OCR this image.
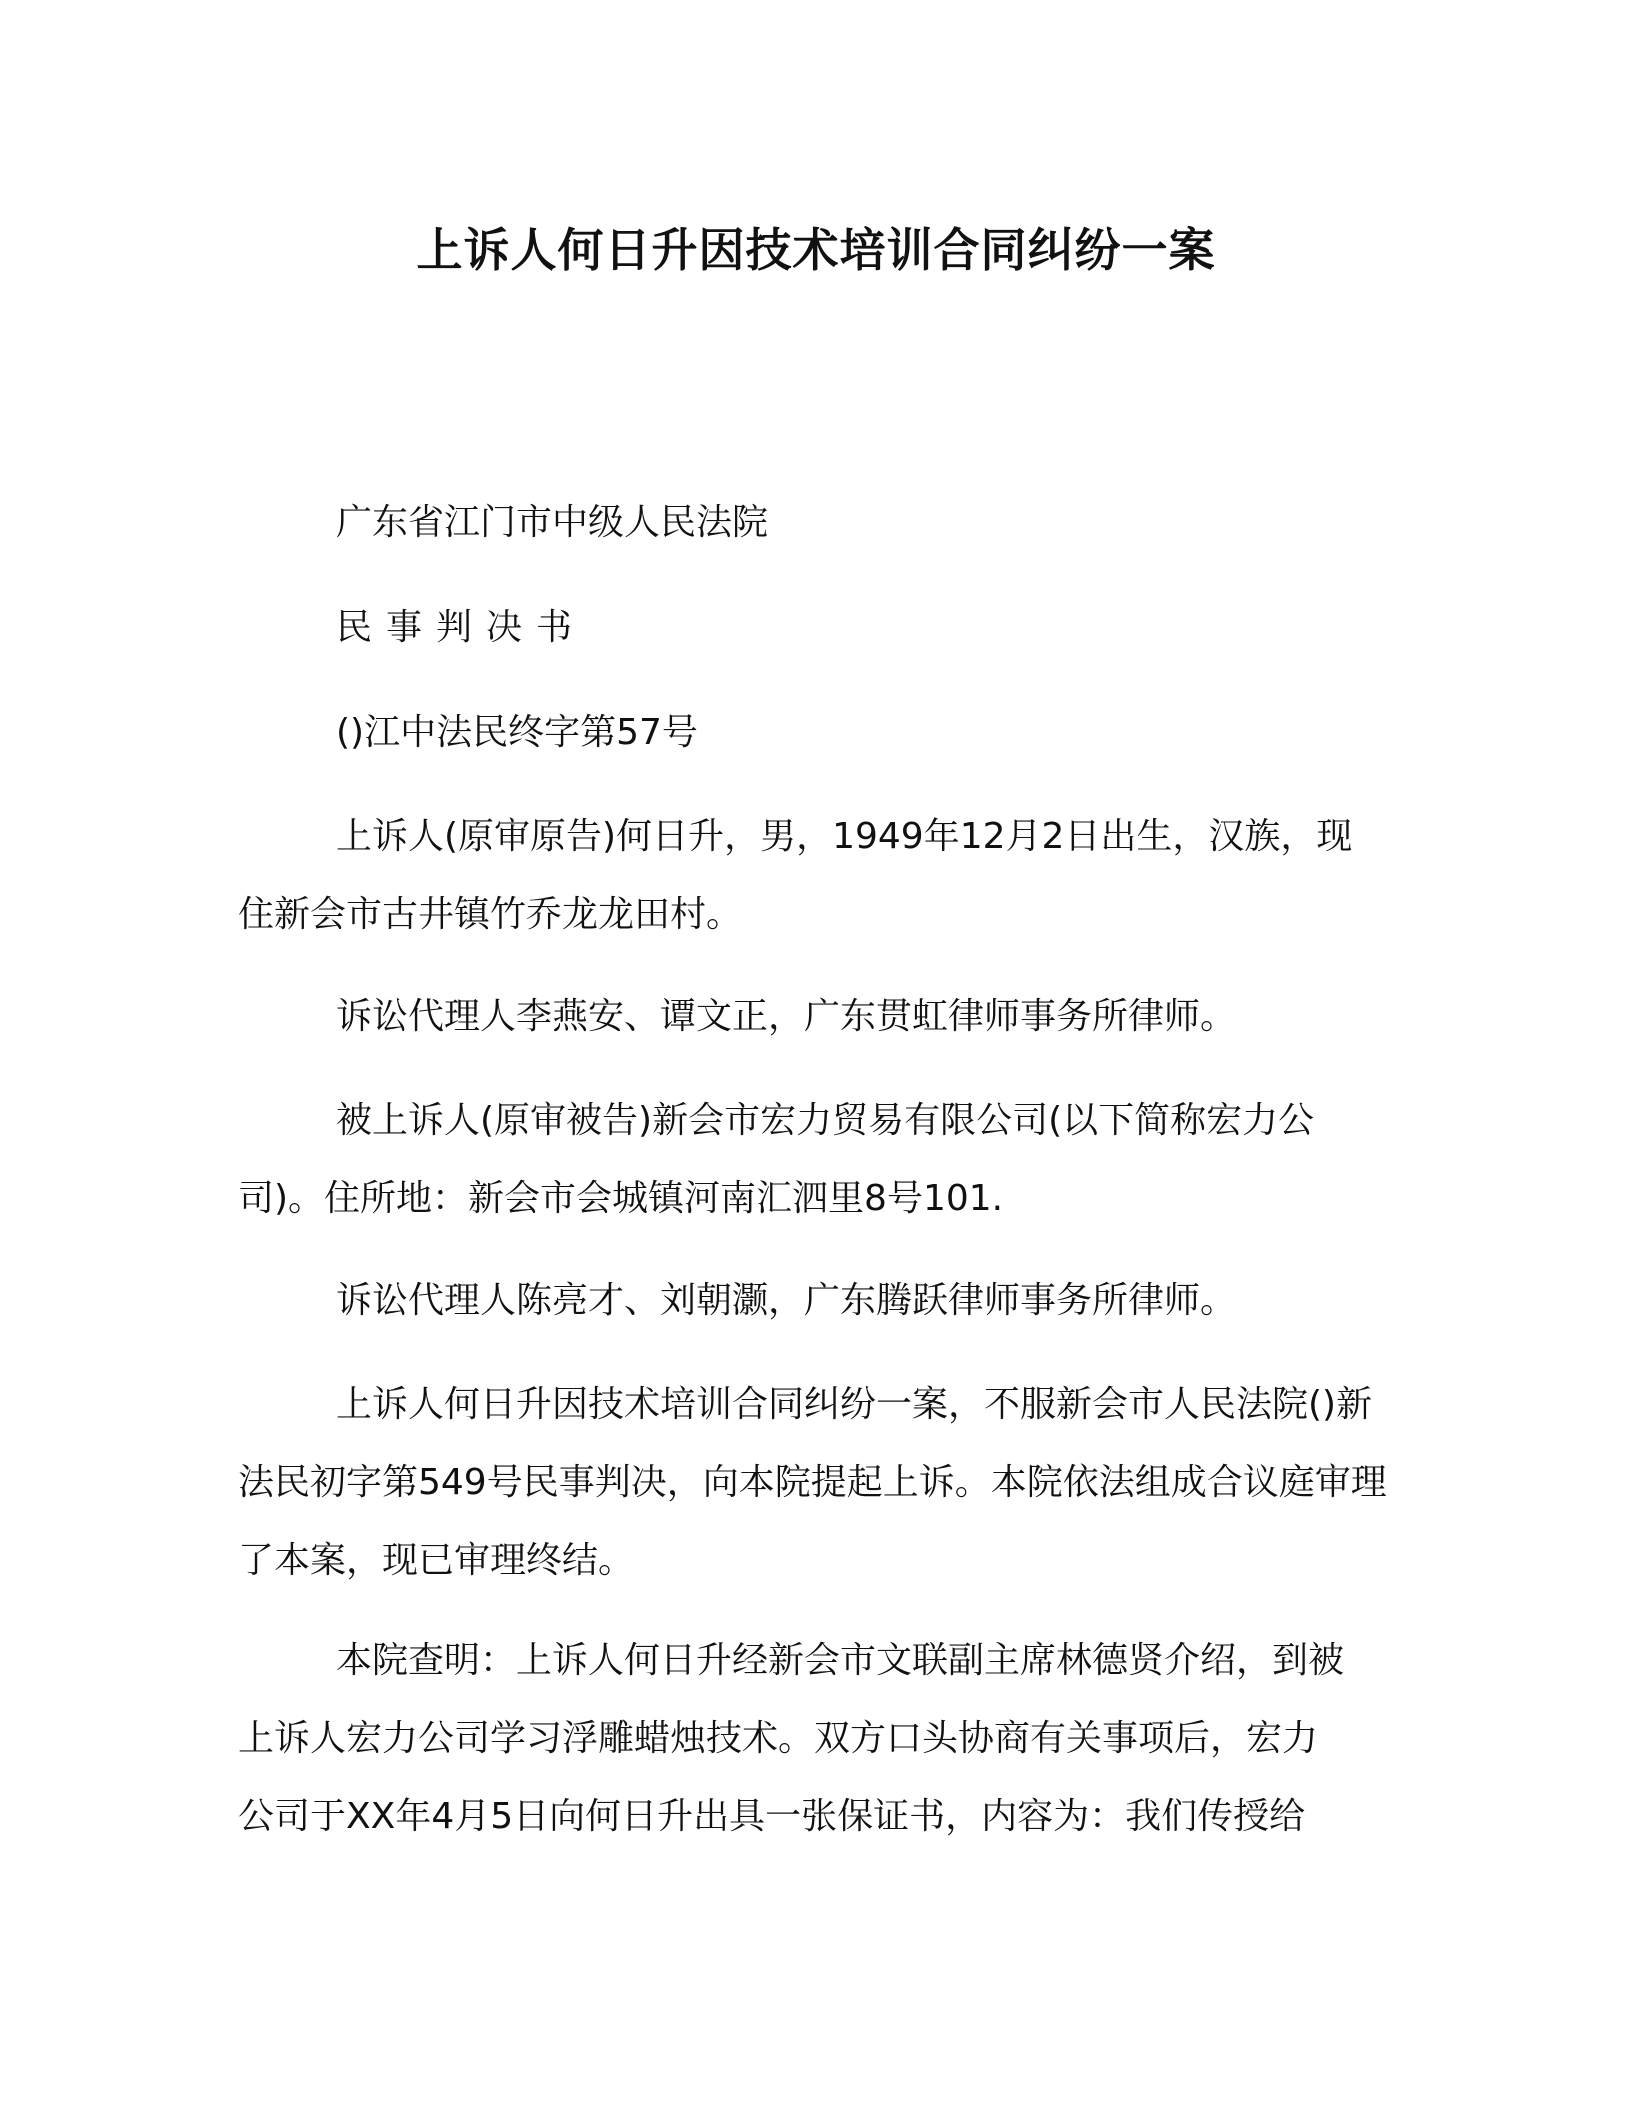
上诉人何日升因技术培训合同纠纷一案
广东省江门市中级人民法院
民事判决书
()江中法民终字第57号
上诉人(原审原告)何日升，男，1949年12月2日出生，汉族，现住新会市古井镇竹乔龙龙田村。
诉讼代理人李燕安、谭文正，广东贯虹律师事务所律师。
被上诉人(原审被告)新会市宏力贸易有限公司(以下简称宏力公司)。住所地：新会市会城镇河南汇泗里8号101.
诉讼代理人陈亮才、刘朝灏，广东腾跃律师事务所律师。
上诉人何日升因技术培训合同纠纷一案，不服新会市人民法院()新法民初字第549号民事判决，向本院提起上诉。本院依法组成合议庭审理了本案，现已审理终结。
本院查明：上诉人何日升经新会市文联副主席林德贤介绍，到被
上诉人宏力公司学习浮雕蜡烛技术。双方口头协商有关事项后，宏力
公司于XX年4月5日向何日升出具一张保证书，内容为：我们传授给
